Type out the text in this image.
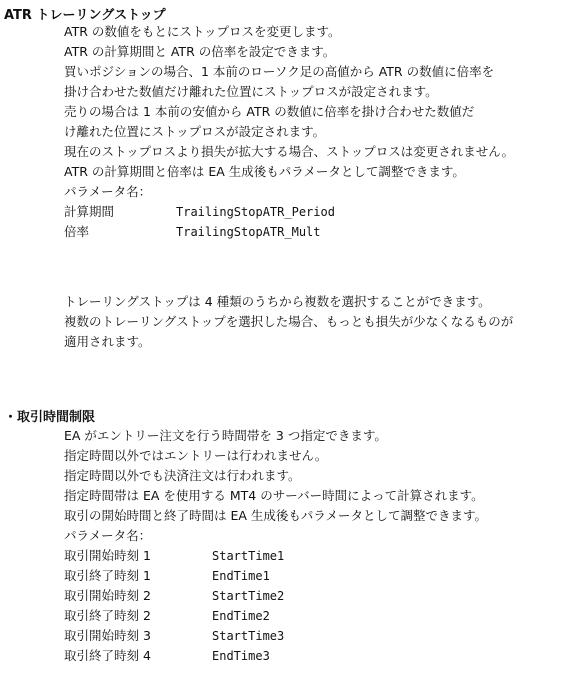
ATR トレーリングストップ
ATR の数値をもとにストップロスを変更します。
ATR の計算期間と ATR の倍率を設定できます。
買いポジションの場合、1 本前のローソク足の高値から ATR の数値に倍率を
掛け合わせた数値だけ離れた位置にストップロスが設定されます。
売りの場合は 1 本前の安値から ATR の数値に倍率を掛け合わせた数値だ
け離れた位置にストップロスが設定されます。
現在のストップロスより損失が拡大する場合、ストップロスは変更されません。
ATR の計算期間と倍率は EA 生成後もパラメータとして調整できます。
パラメータ名：
計算期間	TrailingStopATR_Period
倍率	TrailingStopATR_Mult
トレーリングストップは 4 種類のうちから複数を選択することができます。
複数のトレーリングストップを選択した場合、もっとも損失が少なくなるものが
適用されます。
・取引時間制限
EA がエントリー注文を行う時間帯を 3 つ指定できます。
指定時間以外ではエントリーは行われません。
指定時間以外でも決済注文は行われます。
指定時間帯は EA を使用する MT4 のサーバー時間によって計算されます。
取引の開始時間と終了時間は EA 生成後もパラメータとして調整できます。
パラメータ名：
取引開始時刻 1	StartTime1
取引終了時刻 1	EndTime1
取引開始時刻 2	StartTime2
取引終了時刻 2	EndTime2
取引開始時刻 3	StartTime3
取引終了時刻 4	EndTime3
